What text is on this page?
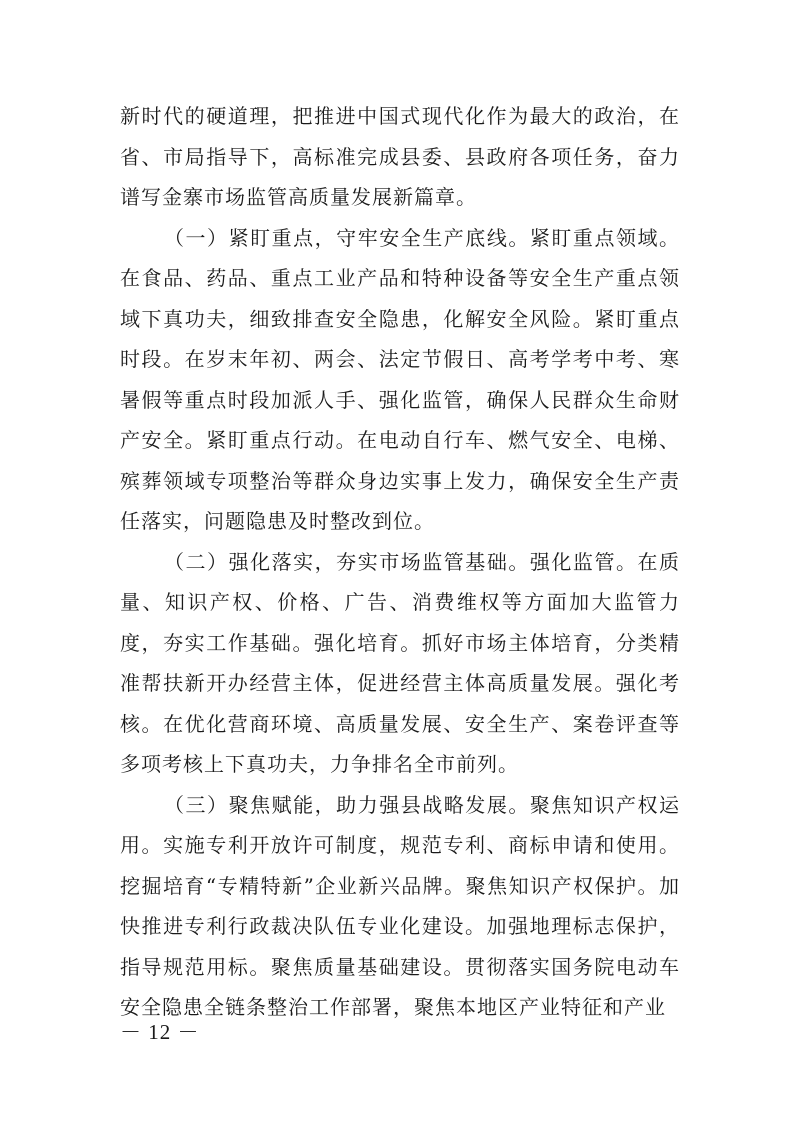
新时代的硬道理，把推进中国式现代化作为最大的政治，在省、市局指导下，高标准完成县委、县政府各项任务，奋力谱写金寨市场监管高质量发展新篇章。

（一）紧盯重点，守牢安全生产底线。紧盯重点领域。在食品、药品、重点工业产品和特种设备等安全生产重点领域下真功夫，细致排查安全隐患，化解安全风险。紧盯重点时段。在岁末年初、两会、法定节假日、高考学考中考、寒暑假等重点时段加派人手、强化监管，确保人民群众生命财产安全。紧盯重点行动。在电动自行车、燃气安全、电梯、殡葬领域专项整治等群众身边实事上发力，确保安全生产责任落实，问题隐患及时整改到位。

（二）强化落实，夯实市场监管基础。强化监管。在质量、知识产权、价格、广告、消费维权等方面加大监管力度，夯实工作基础。强化培育。抓好市场主体培育，分类精准帮扶新开办经营主体，促进经营主体高质量发展。强化考核。在优化营商环境、高质量发展、安全生产、案卷评查等多项考核上下真功夫，力争排名全市前列。

（三）聚焦赋能，助力强县战略发展。聚焦知识产权运用。实施专利开放许可制度，规范专利、商标申请和使用。挖掘培育“专精特新”企业新兴品牌。聚焦知识产权保护。加快推进专利行政裁决队伍专业化建设。加强地理标志保护，指导规范用标。聚焦质量基础建设。贯彻落实国务院电动车安全隐患全链条整治工作部署，聚焦本地区产业特征和产业

－ 12 －
